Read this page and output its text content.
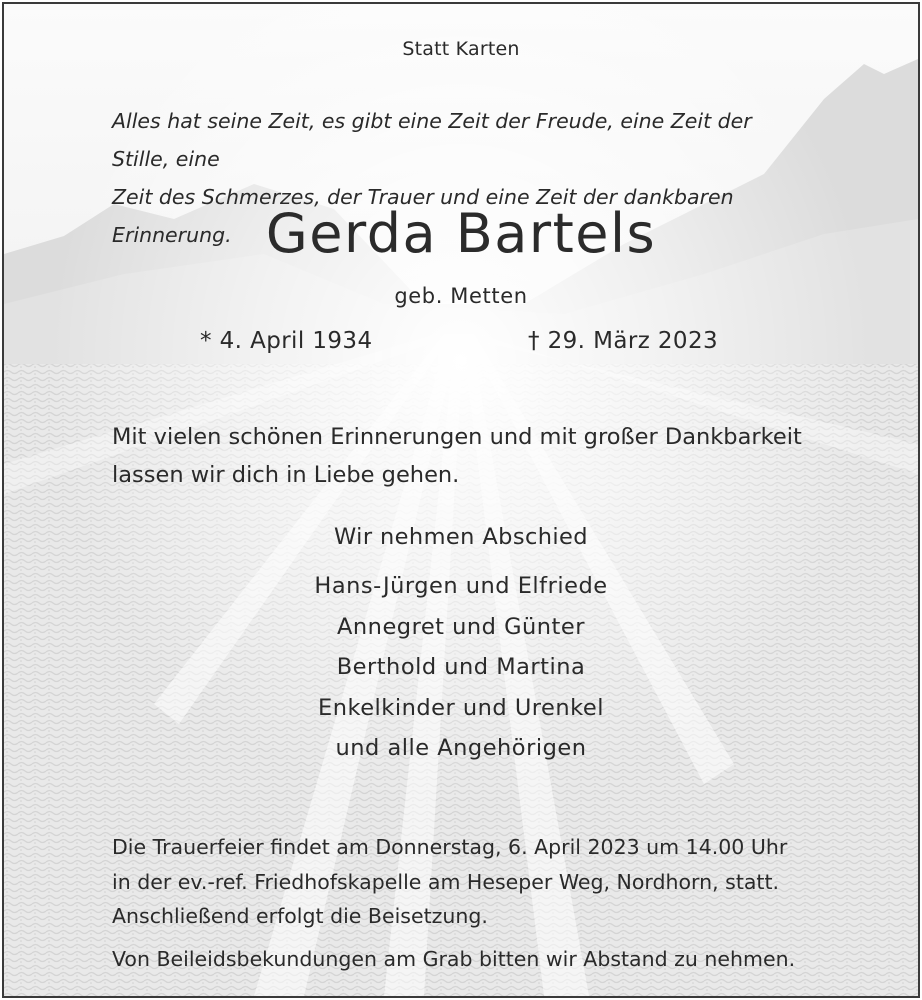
Statt Karten
Alles hat seine Zeit, es gibt eine Zeit der Freude, eine Zeit der Stille, eine
Zeit des Schmerzes, der Trauer und eine Zeit der dankbaren Erinnerung. Gerda Bartels
geb. Metten
* 4. April 1934	† 29. März 2023
Mit vielen schönen Erinnerungen und mit großer Dankbarkeit
lassen wir dich in Liebe gehen.
Wir nehmen Abschied
Hans-Jürgen und Elfriede
Annegret und Günter
Berthold und Martina
Enkelkinder und Urenkel
und alle Angehörigen
Die Trauerfeier findet am Donnerstag, 6. April 2023 um 14.00 Uhr
in der ev.-ref. Friedhofskapelle am Heseper Weg, Nordhorn, statt.
Anschließend erfolgt die Beisetzung.
Von Beileidsbekundungen am Grab bitten wir Abstand zu nehmen.
